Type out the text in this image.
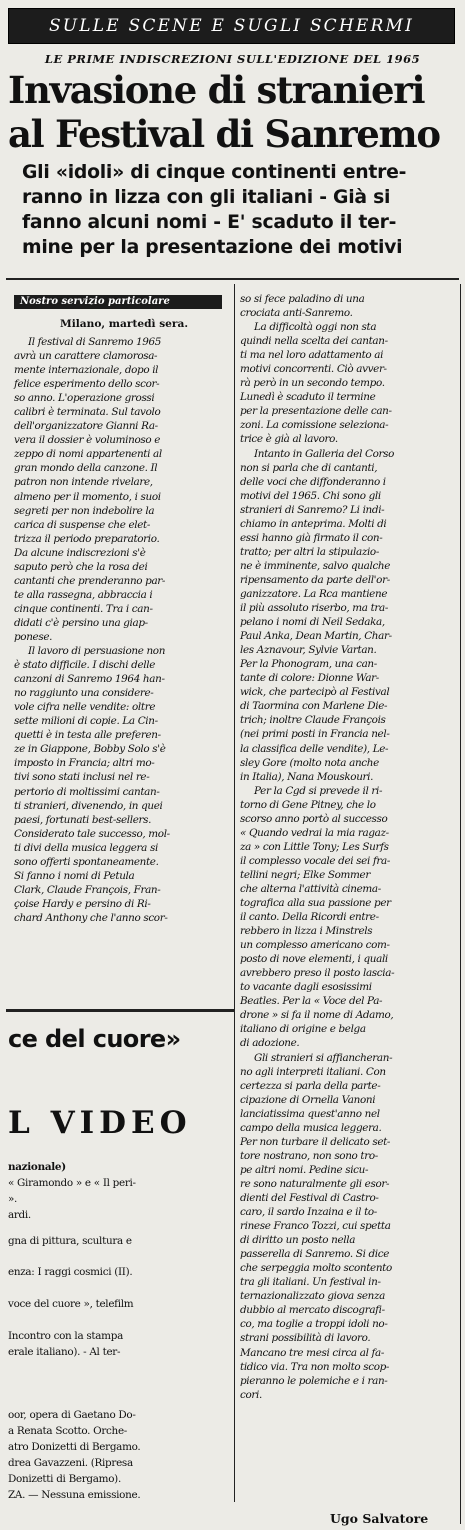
SULLE SCENE E SUGLI SCHERMI
LE PRIME INDISCREZIONI SULL'EDIZIONE DEL 1965
Invasione di stranieri
al Festival di Sanremo
Gli «idoli» di cinque continenti entre-
ranno in lizza con gli italiani - Già si
fanno alcuni nomi - E' scaduto il ter-
mine per la presentazione dei motivi
Nostro servizio particolare
Milano, martedì sera.
Il festival di Sanremo 1965
avrà un carattere clamorosa-
mente internazionale, dopo il
felice esperimento dello scor-
so anno. L'operazione grossi
calibri è terminata. Sul tavolo
dell'organizzatore Gianni Ra-
vera il dossier è voluminoso e
zeppo di nomi appartenenti al
gran mondo della canzone. Il
patron non intende rivelare,
almeno per il momento, i suoi
segreti per non indebolire la
carica di suspense che elet-
trizza il periodo preparatorio.
Da alcune indiscrezioni s'è
saputo però che la rosa dei
cantanti che prenderanno par-
te alla rassegna, abbraccia i
cinque continenti. Tra i can-
didati c'è persino una giap-
ponese.
Il lavoro di persuasione non
è stato difficile. I dischi delle
canzoni di Sanremo 1964 han-
no raggiunto una considere-
vole cifra nelle vendite: oltre
sette milioni di copie. La Cin-
quetti è in testa alle preferen-
ze in Giappone, Bobby Solo s'è
imposto in Francia; altri mo-
tivi sono stati inclusi nel re-
pertorio di moltissimi cantan-
ti stranieri, divenendo, in quei
paesi, fortunati best-sellers.
Considerato tale successo, mol-
ti divi della musica leggera si
sono offerti spontaneamente.
Si fanno i nomi di Petula
Clark, Claude François, Fran-
çoise Hardy e persino di Ri-
chard Anthony che l'anno scor-
so si fece paladino di una
crociata anti-Sanremo.
La difficoltà oggi non sta
quindi nella scelta dei cantan-
ti ma nel loro adattamento ai
motivi concorrenti. Ciò avver-
rà però in un secondo tempo.
Lunedì è scaduto il termine
per la presentazione delle can-
zoni. La comissione seleziona-
trice è già al lavoro.
Intanto in Galleria del Corso
non si parla che di cantanti,
delle voci che diffonderanno i
motivi del 1965. Chi sono gli
stranieri di Sanremo? Li indi-
chiamo in anteprima. Molti di
essi hanno già firmato il con-
tratto; per altri la stipulazio-
ne è imminente, salvo qualche
ripensamento da parte dell'or-
ganizzatore. La Rca mantiene
il più assoluto riserbo, ma tra-
pelano i nomi di Neil Sedaka,
Paul Anka, Dean Martin, Char-
les Aznavour, Sylvie Vartan.
Per la Phonogram, una can-
tante di colore: Dionne War-
wick, che partecipò al Festival
di Taormina con Marlene Die-
trich; inoltre Claude François
(nei primi posti in Francia nel-
la classifica delle vendite), Le-
sley Gore (molto nota anche
in Italia), Nana Mouskouri.
Per la Cgd si prevede il ri-
torno di Gene Pitney, che lo
scorso anno portò al successo
« Quando vedrai la mia ragaz-
za » con Little Tony; Les Surfs
il complesso vocale dei sei fra-
tellini negri; Elke Sommer
che alterna l'attività cinema-
tografica alla sua passione per
il canto. Della Ricordi entre-
rebbero in lizza i Minstrels
un complesso americano com-
posto di nove elementi, i quali
avrebbero preso il posto lascia-
to vacante dagli esosissimi
Beatles. Per la « Voce del Pa-
drone » si fa il nome di Adamo,
italiano di origine e belga
di adozione.
Gli stranieri si affiancheran-
no agli interpreti italiani. Con
certezza si parla della parte-
cipazione di Ornella Vanoni
lanciatissima quest'anno nel
campo della musica leggera.
Per non turbare il delicato set-
tore nostrano, non sono tro-
pe altri nomi. Pedine sicu-
re sono naturalmente gli esor-
dienti del Festival di Castro-
caro, il sardo Inzaina e il to-
rinese Franco Tozzi, cui spetta
di diritto un posto nella
passerella di Sanremo. Si dice
che serpeggia molto scontento
tra gli italiani. Un festival in-
ternazionalizzato giova senza
dubbio al mercato discografi-
co, ma toglie a troppi idoli no-
strani possibilità di lavoro.
Mancano tre mesi circa al fa-
tidico via. Tra non molto scop-
pieranno le polemiche e i ran-
cori.
ce del cuore»
L VIDEO
nazionale)
« Giramondo » e « Il peri-
».
ardi.
gna di pittura, scultura e
enza: I raggi cosmici (II).
voce del cuore », telefilm
Incontro con la stampa
erale italiano). - Al ter-
oor, opera di Gaetano Do-
a Renata Scotto. Orche-
atro Donizetti di Bergamo.
drea Gavazzeni. (Ripresa
Donizetti di Bergamo).
ZA. — Nessuna emissione.
Ugo Salvatore
